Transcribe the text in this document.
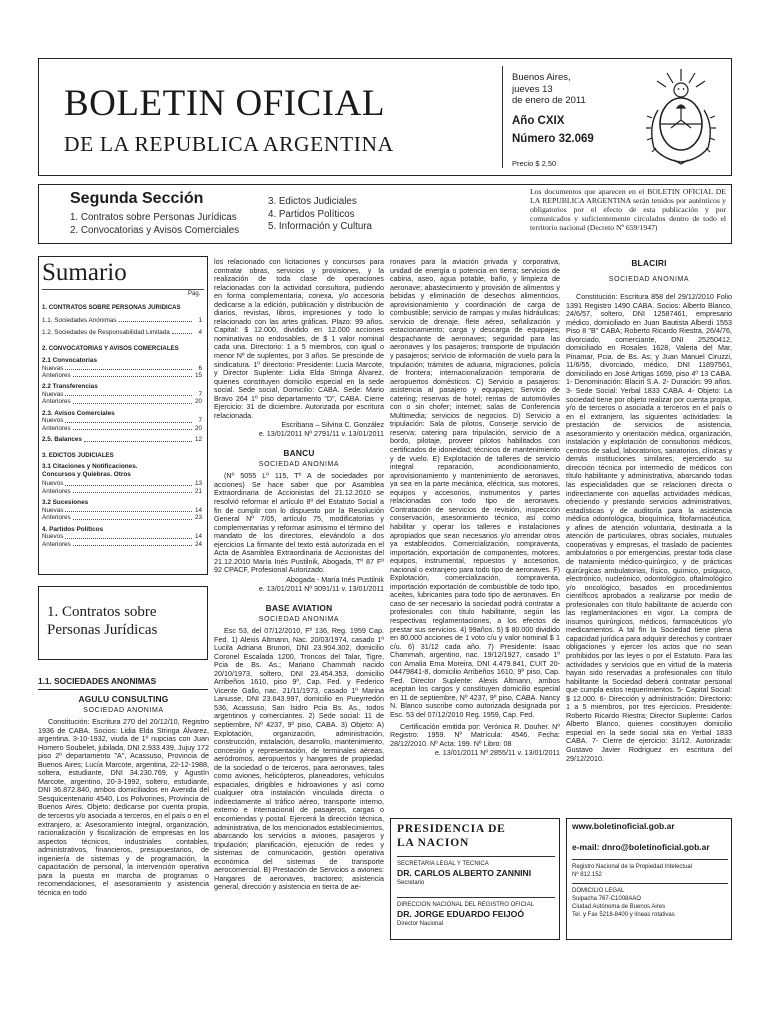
BOLETIN OFICIAL
DE LA REPUBLICA ARGENTINA
Buenos Aires,
jueves 13
de enero de 2011
Año CXIX
Número 32.069
Precio $ 2,50
Segunda Sección
1. Contratos sobre Personas Jurídicas
2. Convocatorias y Avisos Comerciales
3. Edictos Judiciales
4. Partidos Políticos
5. Información y Cultura
Los documentos que aparecen en el BOLETIN OFICIAL DE LA REPUBLICA ARGENTINA serán tenidos por auténticos y obligatorios por el efecto de esta publicación y por comunicados y suficientemente circulados dentro de todo el territorio nacional (Decreto Nº 659/1947)
Sumario
Pág.
1. CONTRATOS SOBRE PERSONAS JURIDICAS
1.1. Sociedades Anónimas	1
1.2. Sociedades de Responsabilidad Limitada	4
2. CONVOCATORIAS Y AVISOS COMERCIALES
2.1 Convocatorias
Nuevas	6
Anteriores	15
2.2 Transferencias
Nuevas	7
Anteriores	20
2.3. Avisos Comerciales
Nuevos	7
Anteriores	20
2.5. Balances	12
3. EDICTOS JUDICIALES
3.1 Citaciones y Notificaciones. Concursos y Quiebras. Otros
Nuevos	13
Anteriores	21
3.2 Sucesiones
Nuevas	14
Anteriores	23
4. Partidos Políticos
Nuevos	14
Anteriores	24
1. Contratos sobre
Personas Jurídicas
1.1. SOCIEDADES ANONIMAS
AGULU CONSULTING
SOCIEDAD ANONIMA

Constitución: Escritura 270 del 20/12/10, Registro 1936 de CABA. Socios: Lidia Elda Stringa Álvarez, argentina, 3-10-1932, viuda de 1º nupcias con Juan Homero Soubelet, jubilada, DNI 2.933.439, Jujuy 172 piso 2º departamento "A", Acassuso, Provincia de Buenos Aires; Lucía Marcote, argentina, 22-12-1988, soltera, estudiante, DNI 34.230.769, y Agustín Marcote, argentino, 20-3-1992, soltero, estudiante, DNI 36.872.840, ambos domiciliados en Avenida del Sesquicentenario 4540, Los Polvorines, Provincia de Buenos Aires. Objeto: dedicarse por cuenta propia, de terceros y/o asociada a terceros, en el país o en el extranjero, a: Asesoramiento integral, organización, racionalización y fiscalización de empresas en los aspectos técnicos, industriales contables, administrativos, financieros, presupuestarios, de ingeniería de sistemas y de programación, la capacitación de personal, la intervención operativa para la puesta en marcha de programas o recomendaciones, el asesoramiento y asistencia técnica en todo

los relacionado con licitaciones y concursos para contratar obras, servicios y provisiones, y la realización de toda clase de operaciones relacionadas con la actividad consultora, pudiendo en forma complementaria, conexa, y/o accesoria dedicarse a la edición, publicación y distribución de diarios, revistas, libros, impresiones y todo lo relacionado con las artes gráficas. Plazo: 99 años. Capital: $ 12.000, dividido en 12.000 acciones nominativas no endosables, de $ 1 valor nominal cada una. Directorio: 1 a 5 miembros, con igual o menor Nº de suplentes, por 3 años. Se prescinde de sindicatura. 1º directorio: Presidente: Lucía Marcote, y Director Suplente: Lidia Elda Stringa Álvarez, quienes constituyen domicilio especial en la sede social. Sede social, Domicilio: CABA. Sede: Mario Bravo 264 1º piso departamento "D", CABA. Cierre Ejercicio: 31 de diciembre. Autorizada por escritura relacionada.

Escribana – Silvina C. González
e. 13/01/2011 Nº 2791/11 v. 13/01/2011
BANCU
SOCIEDAD ANONIMA

(Nº 5055 Lº 115, Tº A de sociedades por acciones) Se hace saber que por Asamblea Extraordinaria de Accionistas del 21.12.2010 se resolvió reformar el artículo 8º del Estatuto Social a fin de cumplir con lo dispuesto por la Resolución General Nº 7/05, artículo 75, modificatorias y complementarias y reformar asimismo el término del mandato de los directores, elevándolo a dos ejercicios La firmante del texto está autorizada en el Acta de Asamblea Extraordinaria de Accionistas del 21.12.2010 María Inés Pustilnik, Abogada, Tº 87 Fº 92 CPACF, Profesional Autorizado.

Abogada - María Inés Pustilnik
e. 13/01/2011 Nº 3091/11 v. 13/01/2011
BASE AVIATION
SOCIEDAD ANONIMA

Esc 53, del 07/12/2010, Fº 136, Reg. 1959 Cap. Fed. 1) Alexis Altmann, Nac. 20/03/1974, casado 1º Lucila Adriana Brunori, DNI 23.904.302, domicilio Coronel Escalada 1200, Troncos del Talar, Tigre, Pcia de Bs. As.; Mariano Chammah nacido 20/10/1973, soltero, DNI 23.454.353, domicilio Arribeños 1610, piso 9º, Cap. Fed. y Federico Vicente Gallo, nac. 21/11/1973, casado 1º Marina Lanusse, DNI 23.643.997, domicilio en Pueyrredón 536, Acassuso, San Isidro Pcia Bs. As., todos argentinos y comerciantes. 2) Sede social: 11 de septiembre, Nº 4237, 9º piso, CABA. 3) Objeto: A) Explotación, organización, administración, construcción, instalación, desarrollo, mantenimiento, concesión y representación, de terminales aéreas, aeródromos, aeropuertos y hangares de propiedad de la sociedad o de terceros, para aeronaves, tales como aviones, helicópteros, planeadores, vehículos espaciales, dirigibles e hidroaviones y así como cualquier otra instalación vinculada directa o indirectamente al tráfico aéreo, transporte interno, externo e internacional de pasajeros, cargas o encomiendas y postal. Ejercerá la dirección técnica, administrativa, de los mencionados establecimientos, abarcando los servicios a aviones, pasajeros y tripulación; planificación, ejecución de redes y sistemas de comunicación, gestión operativa económica del sistemas de transporte aerocomercial. B) Prestación de Servicios a aviones: Hangares de aeronaves, tractoreo; asistencia general, dirección y asistencia en tierra de ae-

ronaves para la aviación privada y corporativa, unidad de energía o potencia en tierra; servicios de cabina, aseo, agua potable, baño, y limpieza de aeronave; abastecimiento y provisión de alimentos y bebidas y eliminación de desechos alimenticios, aprovisionamiento y coordinación de carga de combustible; servicio de rampas y mulas hidráulicas; servicio de drenaje, flete aéreo, señalización y estacionamiento; carga y descarga de equipajes; despachante de aeronaves; seguridad para las aeronaves y los pasajeros; transporte de tripulación y pasajeros; servicio de información de vuelo para la tripulación; trámites de aduana, migraciones, policía de frontera; internacionalización temporaria de aeropuertos domésticos. C) Servicio a pasajeros: asistencia al pasajero y equipajes; Servicio de catering; reservas de hotel; rentas de automóviles con o sin chofer; internet; salas de Conferencia Multimedia; servicios de negocios. D) Servicio a tripulación: Sala de pilotos, Conserje servicio de reserva; catering para tripulación, servicio de a bordo, pilotaje, proveer pilotos habilitados con certificados de idoneidad; técnicos de mantenimiento y de vuelo. E) Explotación de talleres de servicio integral reparación, acondicionamiento, aprovisionamiento y mantenimiento de aeronaves, ya sea en la parte mecánica, eléctrica, sus motores, equipos y accesorios, instrumentos y partes relacionadas con todo tipo de aeronaves. Contratación de servicios de revisión, inspección conservación, asesoramiento técnico, así como habilitar y operar los talleres e instalaciones apropiados que sean necesarios y/o arrendar otros ya establecidos. Comercialización, compraventa, importación, exportación de componentes, motores, equipos, instrumental, repuestos y accesorios, nacional o extranjero para todo tipo de aeronaves. F) Explotación, comercialización, compraventa, importación exportación de combustible de todo tipo, aceites, lubricantes para todo tipo de aeronaves. En caso de ser necesario la sociedad podrá contratar a profesionales con título habilitante, según las respectivas reglamentaciones, a los efectos de prestar sus servicios. 4) 99años. 5) $ 80.000 dividido en 80.000 acciones de 1 voto c/u y valor nominal $ 1 c/u. 6) 31/12 cada año. 7) Presidente: Isaac Chammah, argentino, nac. 19/12/1927, casado 1º con Amalia Ema Moreira, DNI 4.479.841, CUIT 20-04479841-8, domicilio Arribeños 1610, 9º piso, Cap. Fed. Director Suplente: Alexis Altmann, ambos aceptan los cargos y constituyen domicilio especial en 11 de septiembre, Nº 4237, 9º piso, CABA. Nancy N. Blanco suscribe como autorizada designada por Esc. 53 del 07/12/2010 Reg. 1959, Cap. Fed.

Certificación emitida por: Verónica R. Douher. Nº Registro: 1959. Nº Matrícula: 4546. Fecha: 28/12/2010. Nº Acta: 199. Nº Libro: 08

e. 13/01/2011 Nº 2855/11 v. 13/01/2011
BLACIRI
SOCIEDAD ANONIMA

Constitución: Escritura 858 del 29/12/2010 Folio 1391 Registro 1490 CABA. Socios: Alberto Blanco, 24/6/57, soltero, DNI 12587461, empresario médico, domiciliado en Juan Bautista Alberdi 1553 Piso 8 "B" CABA; Roberto Ricardo Riestra, 26/4/76, divorciado, comerciante, DNI 25250412, domiciliado en Rosales 1628, Valeria del Mar, Pinamar, Pcia. de Bs. As; y Juan Manuel Ciruzzi, 11/6/55, divorciado, médico, DNI 11897561, domiciliado en José Artigas 1659, piso 4º 13 CABA. 1- Denominación: Blaciri S.A. 2- Duración: 99 años. 3- Sede Social: Yerbal 1833 CABA. 4- Objeto: La sociedad tiene por objeto realizar por cuenta propia, y/o de terceros o asociada a terceros en el país o en el extranjero, las siguientes actividades: la prestación de servicios de asistencia, asesoramiento y orientación médica, organización, instalación y explotación de consultorios médicos, centros de salud, laboratorios, sanatorios, clínicas y demás instituciones similares, ejerciendo su dirección técnica por intermedio de médicos con título habilitante y administrativa, abarcando todas las especialidades que se relacionen directa o indirectamente con aquellas actividades médicas, ofreciendo y prestando servicios administrativos, estadísticas y de auditoría para la asistencia médica odontológica, bioquímica, fitofarmacéutica, y afines de atención voluntaria, destinada a la atención de particulares, obras sociales, mutuales cooperativas y empresas, el traslado de pacientes ambulatorios o por emergencias, prestar toda clase de tratamiento médico-quirúrgico, y de prácticas quirúrgicas ambulatorias, físico, químico, psíquico, electrónico, nucleónico, odontológico, oftalmológico y/o oncológico, basados en procedimientos científicos aprobados a realizarse por medio de profesionales con título habilitante de acuerdo con las reglamentaciones en vigor. La compra de insumos quirúrgicos, médicos, farmacéuticos y/o medicamentos. A tal fin la Sociedad tiene plena capacidad jurídica para adquirir derechos y contraer obligaciones y ejercer los actos que no sean prohibidos por las leyes o por el Estatuto. Para las actividades y servicios que en virtud de la materia hayan sido reservadas a profesionales con título habilitante la Sociedad deberá contratar personal que cumpla estos requerimientos. 5- Capital Social: $ 12.000. 6- Dirección y administración: Directorio: 1 a 5 miembros, por tres ejercicios. Presidente: Roberto Ricardo Riestra; Director Suplente: Carlos Alberto Blanco, quienes constituyen domicilio especial en la sede social sita en Yerbal 1833 CABA. 7- Cierre de ejercicio: 31/12. Autorizada: Gustavo Javier Rodriguez en escritura del 29/12/2010.

PRESIDENCIA DE
LA NACION
SECRETARIA LEGAL Y TECNICA
DR. CARLOS ALBERTO ZANNINI
Secretario
DIRECCION NACIONAL DEL REGISTRO OFICIAL
DR. JORGE EDUARDO FEIJOÓ
Director Nacional
www.boletinoficial.gob.ar
e-mail: dnro@boletinoficial.gob.ar
Registro Nacional de la Propiedad Intelectual
Nº 812.152
DOMICILIO LEGAL
Suipacha 767-C1008AAO
Ciudad Autónoma de Buenos Aires
Tel. y Fax 5218-8400 y líneas rotativas
